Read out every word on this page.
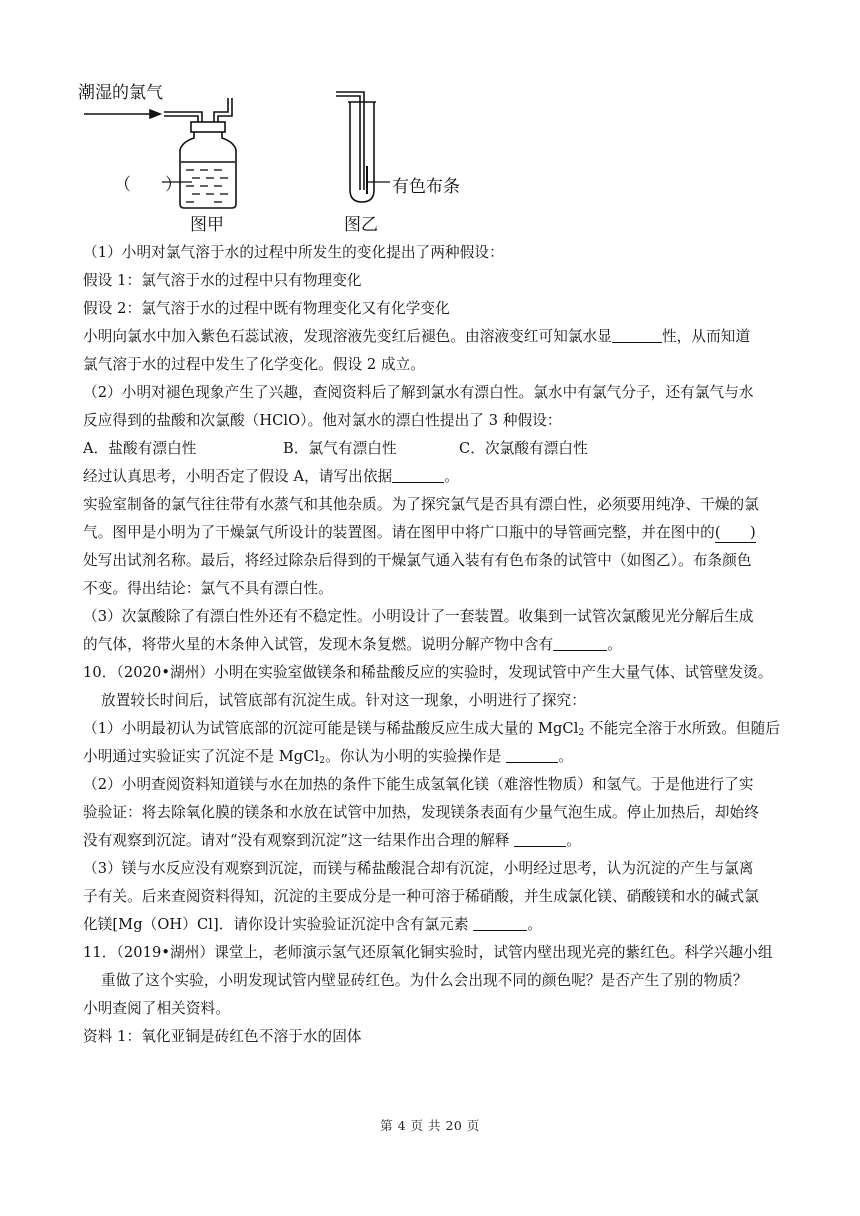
潮湿的氯气
（　　）
图甲
有色布条
图乙
（1）小明对氯气溶于水的过程中所发生的变化提出了两种假设：
假设 1：氯气溶于水的过程中只有物理变化
假设 2：氯气溶于水的过程中既有物理变化又有化学变化
小明向氯水中加入紫色石蕊试液，发现溶液先变红后褪色。由溶液变红可知氯水显	性，从而知道
氯气溶于水的过程中发生了化学变化。假设 2 成立。
（2）小明对褪色现象产生了兴趣，查阅资料后了解到氯水有漂白性。氯水中有氯气分子，还有氯气与水
反应得到的盐酸和次氯酸（HClO）。他对氯水的漂白性提出了 3 种假设：
A．盐酸有漂白性	B．氯气有漂白性	C．次氯酸有漂白性
经过认真思考，小明否定了假设 A，请写出依据	。
实验室制备的氯气往往带有水蒸气和其他杂质。为了探究氯气是否具有漂白性，必须要用纯净、干燥的氯
气。图甲是小明为了干燥氯气所设计的装置图。请在图甲中将广口瓶中的导管画完整，并在图中的(　　)
处写出试剂名称。最后，将经过除杂后得到的干燥氯气通入装有有色布条的试管中（如图乙）。布条颜色
不变。得出结论：氯气不具有漂白性。
（3）次氯酸除了有漂白性外还有不稳定性。小明设计了一套装置。收集到一试管次氯酸见光分解后生成
的气体，将带火星的木条伸入试管，发现木条复燃。说明分解产物中含有	。
10．（2020•湖州）小明在实验室做镁条和稀盐酸反应的实验时，发现试管中产生大量气体、试管壁发烫。
放置较长时间后，试管底部有沉淀生成。针对这一现象，小明进行了探究：
（1）小明最初认为试管底部的沉淀可能是镁与稀盐酸反应生成大量的 MgCl$_2$ 不能完全溶于水所致。但随后
小明通过实验证实了沉淀不是 MgCl$_2$。你认为小明的实验操作是	。
（2）小明查阅资料知道镁与水在加热的条件下能生成氢氧化镁（难溶性物质）和氢气。于是他进行了实
验验证：将去除氧化膜的镁条和水放在试管中加热，发现镁条表面有少量气泡生成。停止加热后，却始终
没有观察到沉淀。请对“没有观察到沉淀”这一结果作出合理的解释	。
（3）镁与水反应没有观察到沉淀，而镁与稀盐酸混合却有沉淀，小明经过思考，认为沉淀的产生与氯离
子有关。后来查阅资料得知，沉淀的主要成分是一种可溶于稀硝酸，并生成氯化镁、硝酸镁和水的碱式氯
化镁[Mg（OH）Cl]．请你设计实验验证沉淀中含有氯元素	。
11．（2019•湖州）课堂上，老师演示氢气还原氧化铜实验时，试管内壁出现光亮的紫红色。科学兴趣小组
重做了这个实验，小明发现试管内壁显砖红色。为什么会出现不同的颜色呢？是否产生了别的物质？
小明查阅了相关资料。
资料 1：氧化亚铜是砖红色不溶于水的固体
第 4 页 共 20 页
